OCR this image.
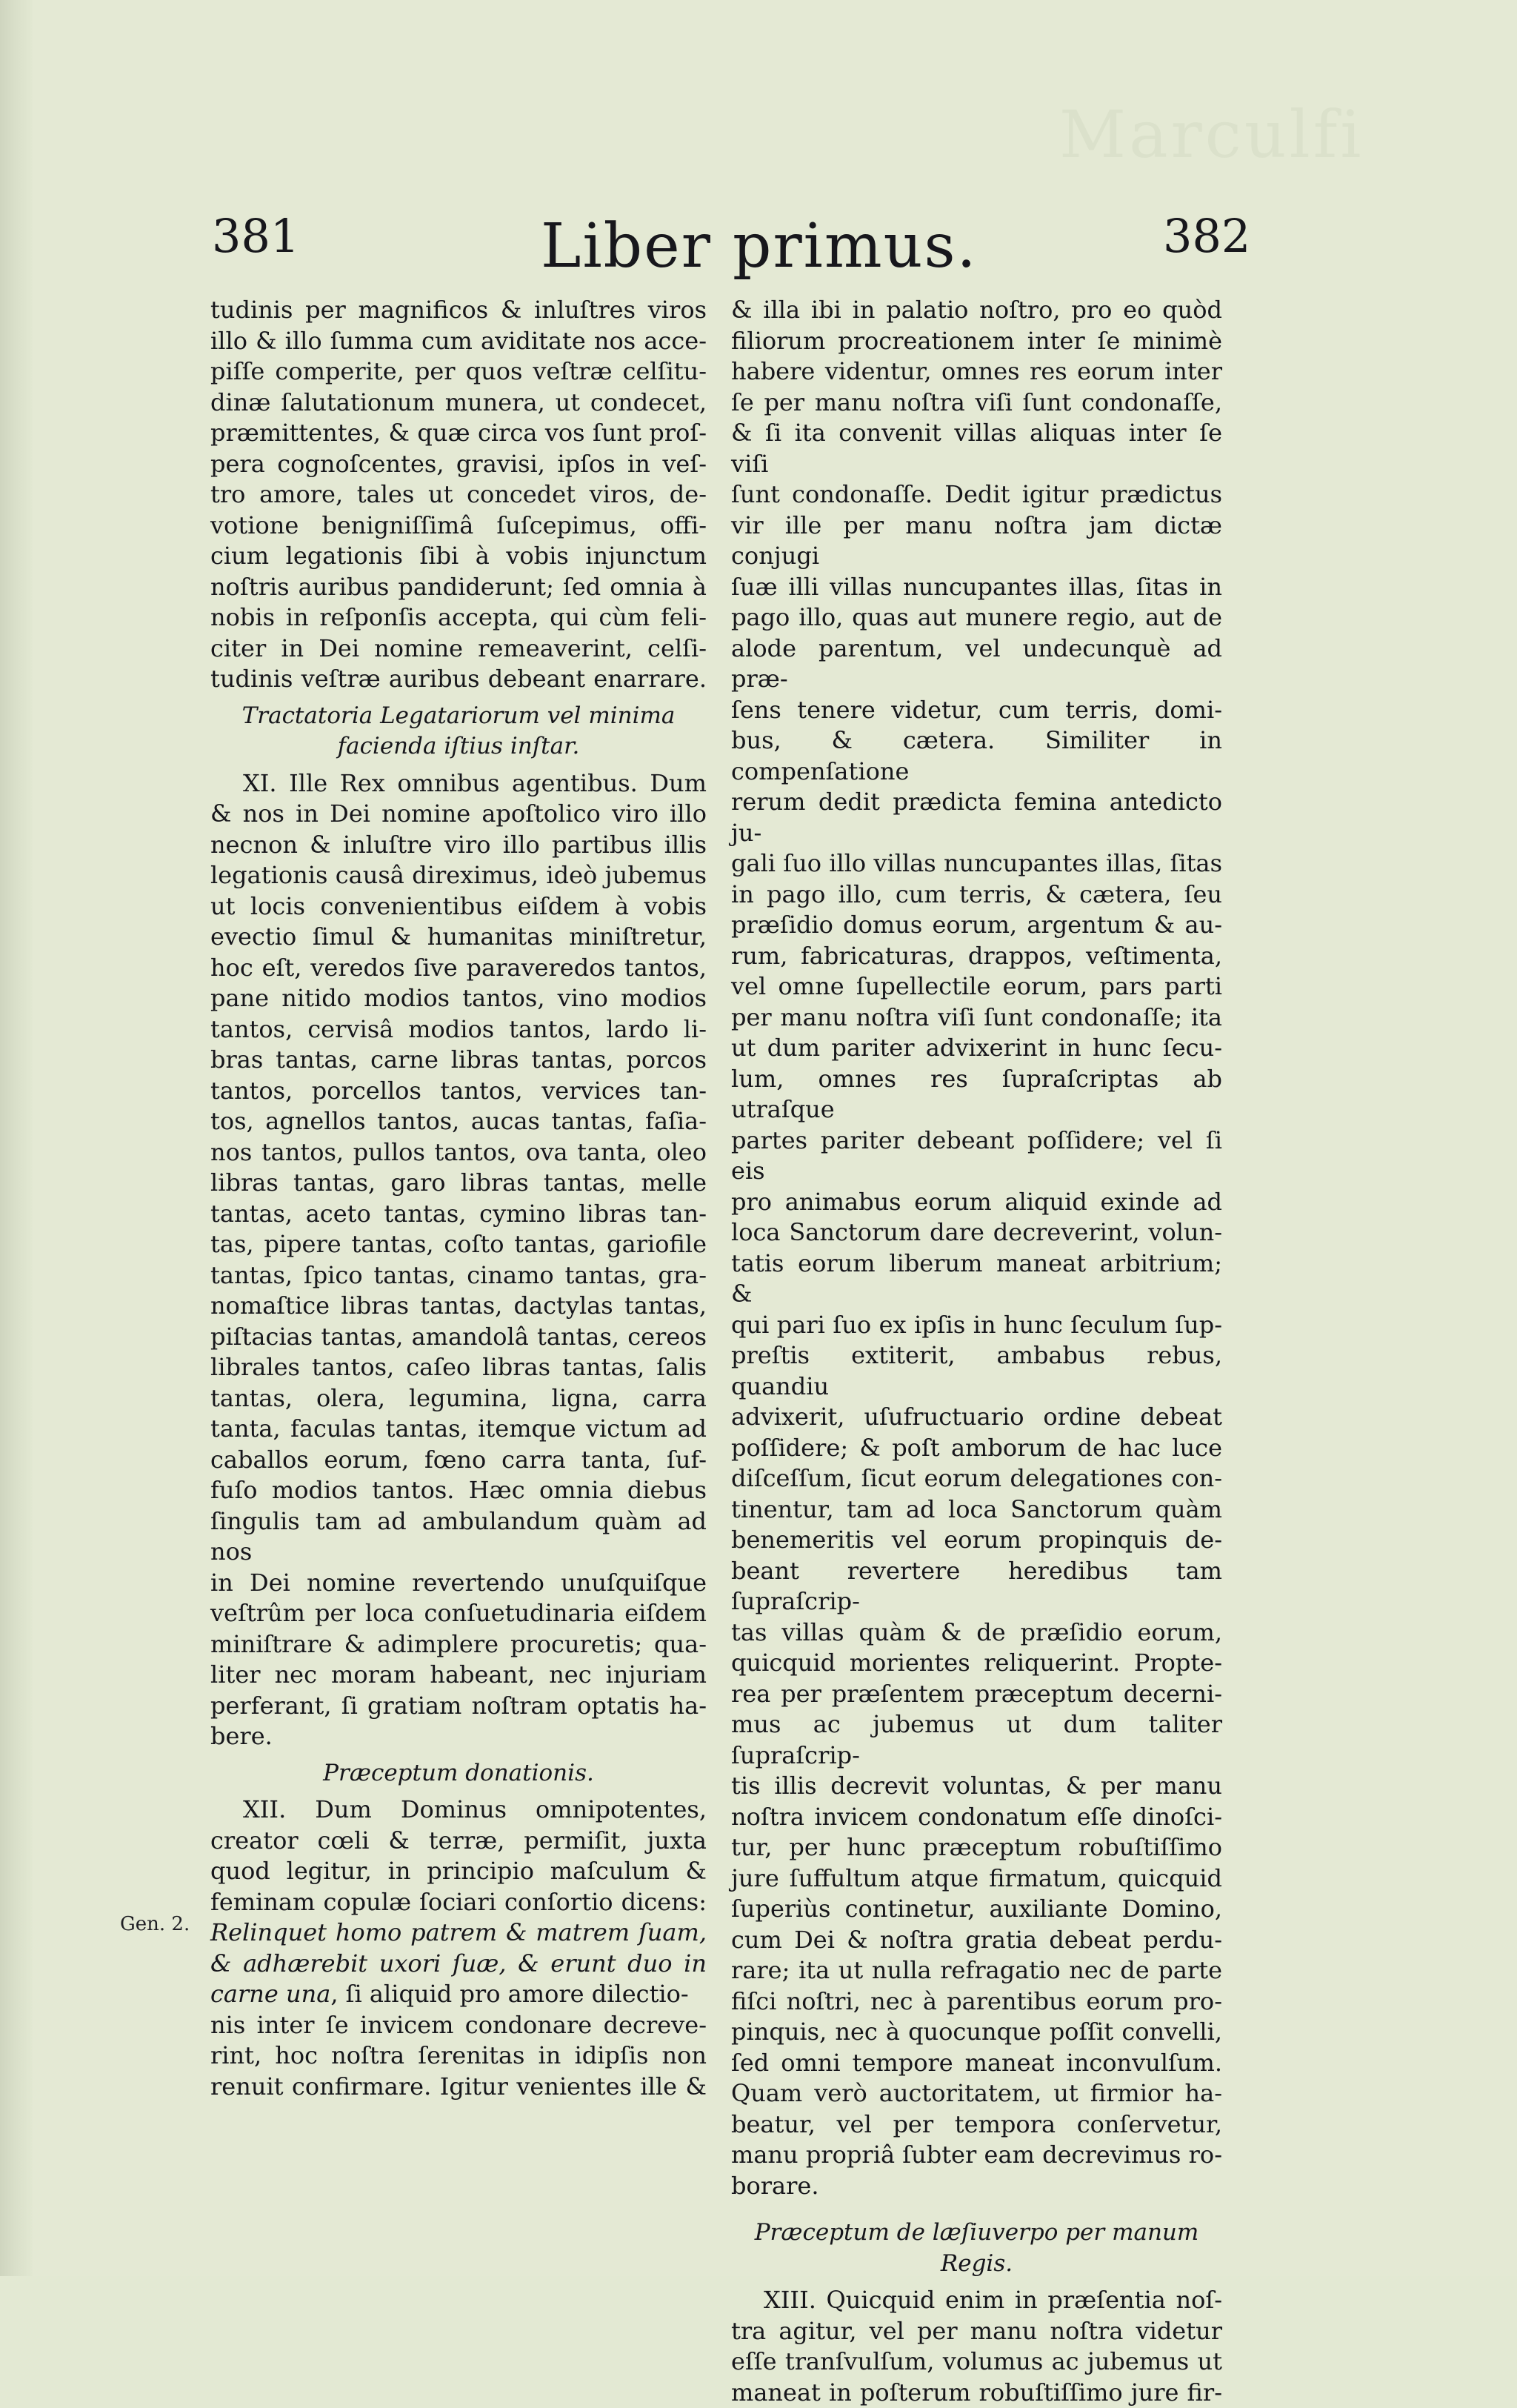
Marculfi
381	Liber primus.	382
Gen. 2.
tudinis per magnificos & inluſtres viros
illo & illo ſumma cum aviditate nos acce-
piſſe comperite, per quos veſtræ celſitu-
dinæ ſalutationum munera, ut condecet,
præmittentes, & quæ circa vos ſunt proſ-
pera cognoſcentes, gravisi, ipſos in veſ-
tro amore, tales ut concedet viros, de-
votione benigniſſimâ ſuſcepimus, offi-
cium legationis ſibi à vobis injunctum
noſtris auribus pandiderunt; ſed omnia à
nobis in reſponſis accepta, qui cùm feli-
citer in Dei nomine remeaverint, celſi-
tudinis veſtræ auribus debeant enarrare.
Tractatoria Legatariorum vel minima
facienda iſtius inſtar.
XI. Ille Rex omnibus agentibus. Dum
& nos in Dei nomine apoſtolico viro illo
necnon & inluſtre viro illo partibus illis
legationis causâ direximus, ideò jubemus
ut locis convenientibus eiſdem à vobis
evectio ſimul & humanitas miniſtretur,
hoc eſt, veredos ſive paraveredos tantos,
pane nitido modios tantos, vino modios
tantos, cervisâ modios tantos, lardo li-
bras tantas, carne libras tantas, porcos
tantos, porcellos tantos, vervices tan-
tos, agnellos tantos, aucas tantas, faſia-
nos tantos, pullos tantos, ova tanta, oleo
libras tantas, garo libras tantas, melle
tantas, aceto tantas, cymino libras tan-
tas, pipere tantas, coſto tantas, gariofile
tantas, ſpico tantas, cinamo tantas, gra-
nomaſtice libras tantas, dactylas tantas,
piſtacias tantas, amandolâ tantas, cereos
librales tantos, caſeo libras tantas, ſalis
tantas, olera, legumina, ligna, carra
tanta, faculas tantas, itemque victum ad
caballos eorum, fœno carra tanta, ſuf-
fuſo modios tantos. Hæc omnia diebus
ſingulis tam ad ambulandum quàm ad nos
in Dei nomine revertendo unuſquiſque
veſtrûm per loca conſuetudinaria eiſdem
miniſtrare & adimplere procuretis; qua-
liter nec moram habeant, nec injuriam
perferant, ſi gratiam noſtram optatis ha-
bere.
Præceptum donationis.
XII. Dum Dominus omnipotentes,
creator cœli & terræ, permiſit, juxta
quod legitur, in principio maſculum &
feminam copulæ ſociari conſortio dicens:
Relinquet homo patrem & matrem ſuam,
& adhærebit uxori ſuæ, & erunt duo in
carne una, ſi aliquid pro amore dilectio-
nis inter ſe invicem condonare decreve-
rint, hoc noſtra ſerenitas in idipſis non
renuit confirmare. Igitur venientes ille &
& illa ibi in palatio noſtro, pro eo quòd
filiorum procreationem inter ſe minimè
habere videntur, omnes res eorum inter
ſe per manu noſtra viſi ſunt condonaſſe,
& ſi ita convenit villas aliquas inter ſe viſi
ſunt condonaſſe. Dedit igitur prædictus
vir ille per manu noſtra jam dictæ conjugi
ſuæ illi villas nuncupantes illas, ſitas in
pago illo, quas aut munere regio, aut de
alode parentum, vel undecunquè ad præ-
ſens tenere videtur, cum terris, domi-
bus, & cætera. Similiter in compenſatione
rerum dedit prædicta femina antedicto ju-
gali ſuo illo villas nuncupantes illas, ſitas
in pago illo, cum terris, & cætera, ſeu
præſidio domus eorum, argentum & au-
rum, fabricaturas, drappos, veſtimenta,
vel omne ſupellectile eorum, pars parti
per manu noſtra viſi ſunt condonaſſe; ita
ut dum pariter advixerint in hunc ſecu-
lum, omnes res ſupraſcriptas ab utraſque
partes pariter debeant poſſidere; vel ſi eis
pro animabus eorum aliquid exinde ad
loca Sanctorum dare decreverint, volun-
tatis eorum liberum maneat arbitrium; &
qui pari ſuo ex ipſis in hunc ſeculum ſup-
preſtis extiterit, ambabus rebus, quandiu
advixerit, uſufructuario ordine debeat
poſſidere; & poſt amborum de hac luce
diſceſſum, ſicut eorum delegationes con-
tinentur, tam ad loca Sanctorum quàm
benemeritis vel eorum propinquis de-
beant revertere heredibus tam ſupraſcrip-
tas villas quàm & de præſidio eorum,
quicquid morientes reliquerint. Propte-
rea per præſentem præceptum decerni-
mus ac jubemus ut dum taliter ſupraſcrip-
tis illis decrevit voluntas, & per manu
noſtra invicem condonatum eſſe dinoſci-
tur, per hunc præceptum robuſtiſſimo
jure ſuffultum atque firmatum, quicquid
ſuperiùs continetur, auxiliante Domino,
cum Dei & noſtra gratia debeat perdu-
rare; ita ut nulla refragatio nec de parte
fiſci noſtri, nec à parentibus eorum pro-
pinquis, nec à quocunque poſſit convelli,
ſed omni tempore maneat inconvulſum.
Quam verò auctoritatem, ut firmior ha-
beatur, vel per tempora conſervetur,
manu propriâ ſubter eam decrevimus ro-
borare.
Præceptum de læſiuverpo per manum
Regis.
XIII. Quicquid enim in præſentia noſ-
tra agitur, vel per manu noſtra videtur
eſſe tranſvulſum, volumus ac jubemus ut
maneat in poſterum robuſtiſſimo jure fir-
